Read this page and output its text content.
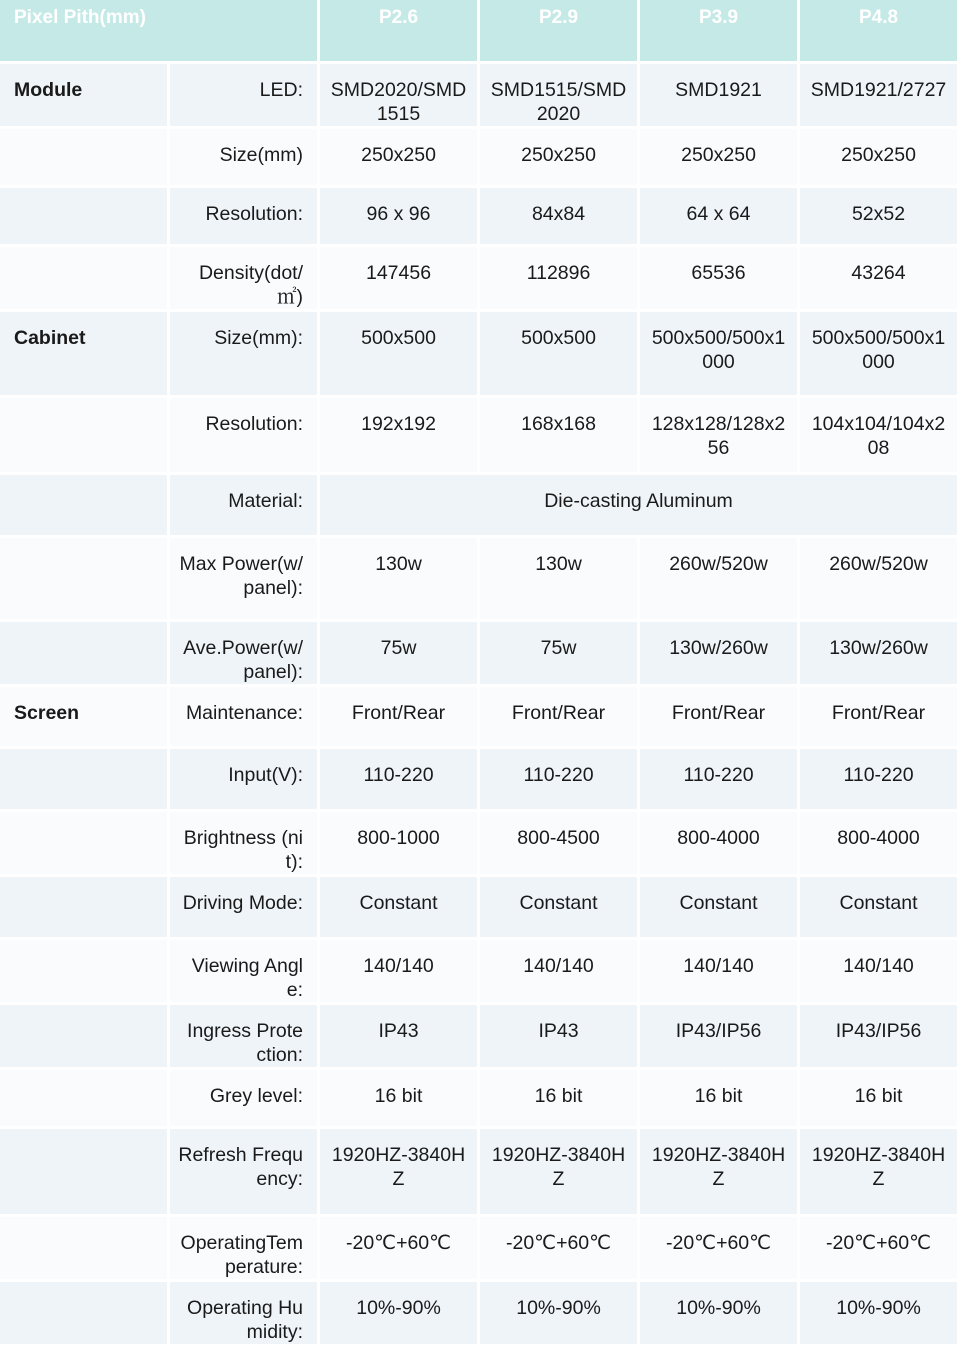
Pixel Pith(mm)		P2.6	P2.9	P3.9	P4.8
Module	LED:	SMD2020/SMD1515	SMD1515/SMD2020	SMD1921	SMD1921/2727
	Size(mm)	250x250	250x250	250x250	250x250
	Resolution:	96 x 96	84x84	64 x 64	52x52
	Density(dot/㎡)	147456	112896	65536	43264
Cabinet	Size(mm):	500x500	500x500	500x500/500x1000	500x500/500x1000
	Resolution:	192x192	168x168	128x128/128x256	104x104/104x208
	Material:	Die-casting Aluminum			
	Max Power(w/panel):	130w	130w	260w/520w	260w/520w
	Ave.Power(w/panel):	75w	75w	130w/260w	130w/260w
Screen	Maintenance:	Front/Rear	Front/Rear	Front/Rear	Front/Rear
	Input(V):	110-220	110-220	110-220	110-220
	Brightness (nit):	800-1000	800-4500	800-4000	800-4000
	Driving Mode:	Constant	Constant	Constant	Constant
	Viewing Angle:	140/140	140/140	140/140	140/140
	Ingress Protection:	IP43	IP43	IP43/IP56	IP43/IP56
	Grey level:	16 bit	16 bit	16 bit	16 bit
	Refresh Frequency:	1920HZ-3840HZ	1920HZ-3840HZ	1920HZ-3840HZ	1920HZ-3840HZ
	OperatingTemperature:	-20℃+60℃	-20℃+60℃	-20℃+60℃	-20℃+60℃
	Operating Humidity:	10%-90%	10%-90%	10%-90%	10%-90%
